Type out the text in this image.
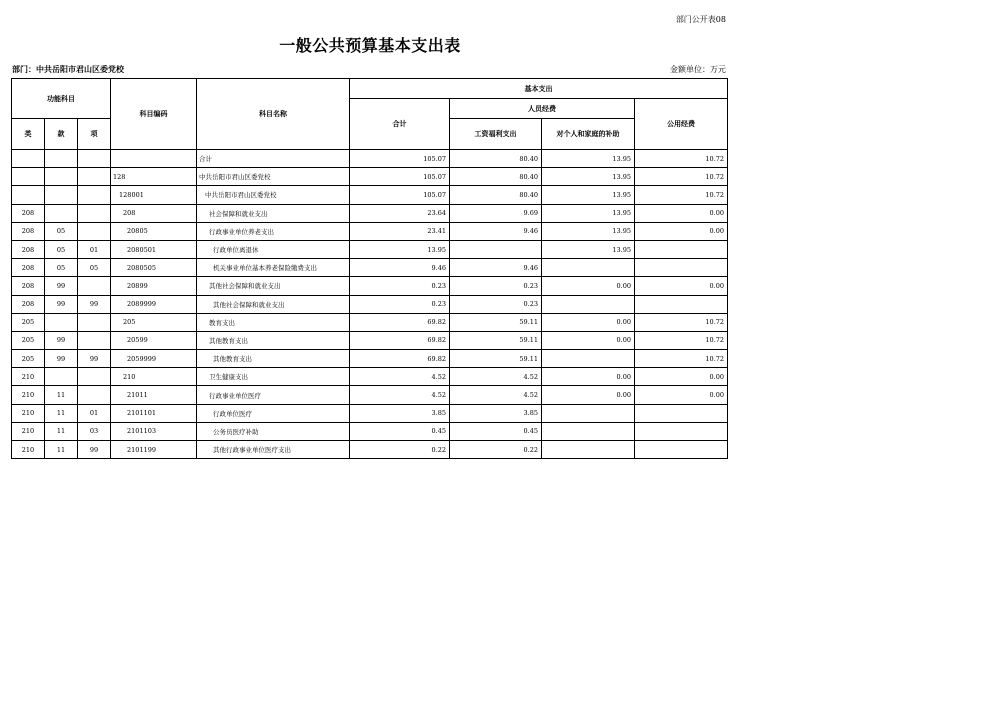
部门公开表08
一般公共预算基本支出表
部门：中共岳阳市君山区委党校	金额单位：万元
功能科目			科目编码	科目名称	基本支出			
					合计	人员经费		公用经费
类	款	项				工资福利支出	对个人和家庭的补助	
				合计	105.07	80.40	13.95	10.72
			128	中共岳阳市君山区委党校	105.07	80.40	13.95	10.72
			128001	中共岳阳市君山区委党校	105.07	80.40	13.95	10.72
208			208	社会保障和就业支出	23.64	9.69	13.95	0.00
208	05		20805	行政事业单位养老支出	23.41	9.46	13.95	0.00
208	05	01	2080501	行政单位离退休	13.95		13.95	
208	05	05	2080505	机关事业单位基本养老保险缴费支出	9.46	9.46		
208	99		20899	其他社会保障和就业支出	0.23	0.23	0.00	0.00
208	99	99	2089999	其他社会保障和就业支出	0.23	0.23		
205			205	教育支出	69.82	59.11	0.00	10.72
205	99		20599	其他教育支出	69.82	59.11	0.00	10.72
205	99	99	2059999	其他教育支出	69.82	59.11		10.72
210			210	卫生健康支出	4.52	4.52	0.00	0.00
210	11		21011	行政事业单位医疗	4.52	4.52	0.00	0.00
210	11	01	2101101	行政单位医疗	3.85	3.85		
210	11	03	2101103	公务员医疗补助	0.45	0.45		
210	11	99	2101199	其他行政事业单位医疗支出	0.22	0.22		
